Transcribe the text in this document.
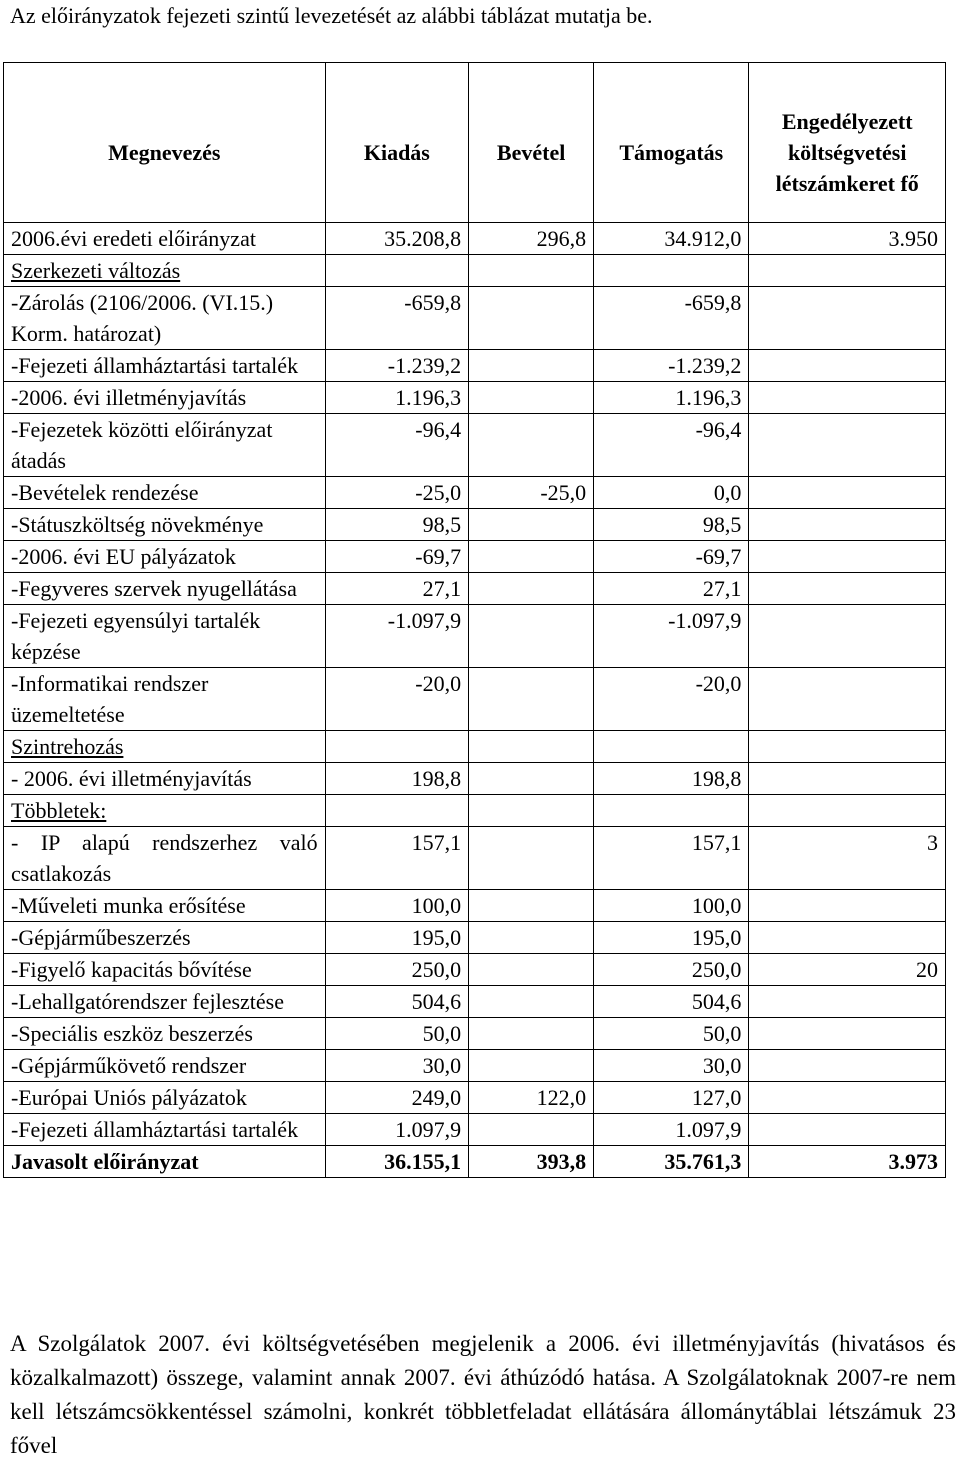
Az előirányzatok fejezeti szintű levezetését az alábbi táblázat mutatja be.
Megnevezés	Kiadás	Bevétel	Támogatás	Engedélyezett költségvetési létszámkeret fő
2006.évi eredeti előirányzat	35.208,8	296,8	34.912,0	3.950
Szerkezeti változás				
-Zárolás (2106/2006. (VI.15.) Korm. határozat)	-659,8		-659,8	
-Fejezeti államháztartási tartalék	-1.239,2		-1.239,2	
-2006. évi illetményjavítás	1.196,3		1.196,3	
-Fejezetek közötti előirányzat átadás	-96,4		-96,4	
-Bevételek rendezése	-25,0	-25,0	0,0	
-Státuszköltség növekménye	98,5		98,5	
-2006. évi EU pályázatok	-69,7		-69,7	
-Fegyveres szervek nyugellátása	27,1		27,1	
-Fejezeti egyensúlyi tartalék képzése	-1.097,9		-1.097,9	
-Informatikai rendszer üzemeltetése	-20,0		-20,0	
Szintrehozás				
- 2006. évi illetményjavítás	198,8		198,8	
Többletek:				
- IP alapú rendszerhez való csatlakozás	157,1		157,1	3
-Műveleti munka erősítése	100,0		100,0	
-Gépjárműbeszerzés	195,0		195,0	
-Figyelő kapacitás bővítése	250,0		250,0	20
-Lehallgatórendszer fejlesztése	504,6		504,6	
-Speciális eszköz beszerzés	50,0		50,0	
-Gépjárműkövető rendszer	30,0		30,0	
-Európai Uniós pályázatok	249,0	122,0	127,0	
-Fejezeti államháztartási tartalék	1.097,9		1.097,9	
Javasolt előirányzat	36.155,1	393,8	35.761,3	3.973
A Szolgálatok 2007. évi költségvetésében megjelenik a 2006. évi illetményjavítás (hivatásos és közalkalmazott) összege, valamint annak 2007. évi áthúzódó hatása. A Szolgálatoknak 2007-re nem kell létszámcsökkentéssel számolni, konkrét többletfeladat ellátására állománytáblai létszámuk 23 fővel
